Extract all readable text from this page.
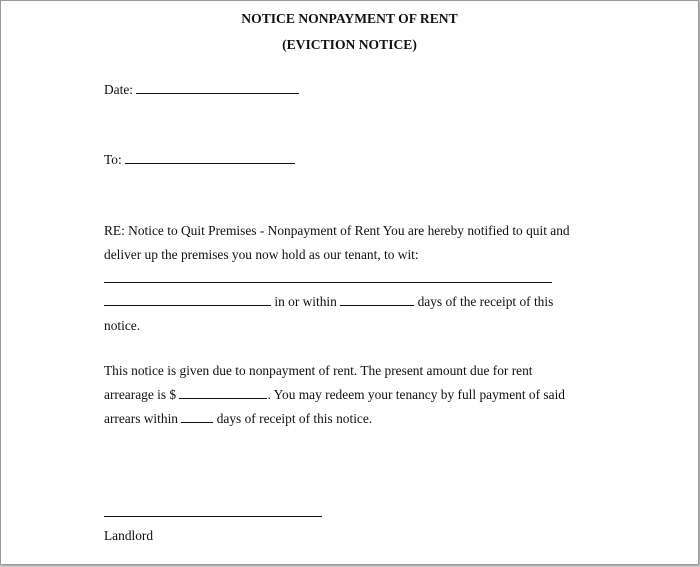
NOTICE NONPAYMENT OF RENT
(EVICTION NOTICE)
Date:
To:
RE: Notice to Quit Premises - Nonpayment of Rent You are hereby notified to quit and
deliver up the premises you now hold as our tenant, to wit:
in or within	days of the receipt of this
notice.
This notice is given due to nonpayment of rent. The present amount due for rent
arrearage is $	. You may redeem your tenancy by full payment of said
arrears within	days of receipt of this notice.
Landlord
